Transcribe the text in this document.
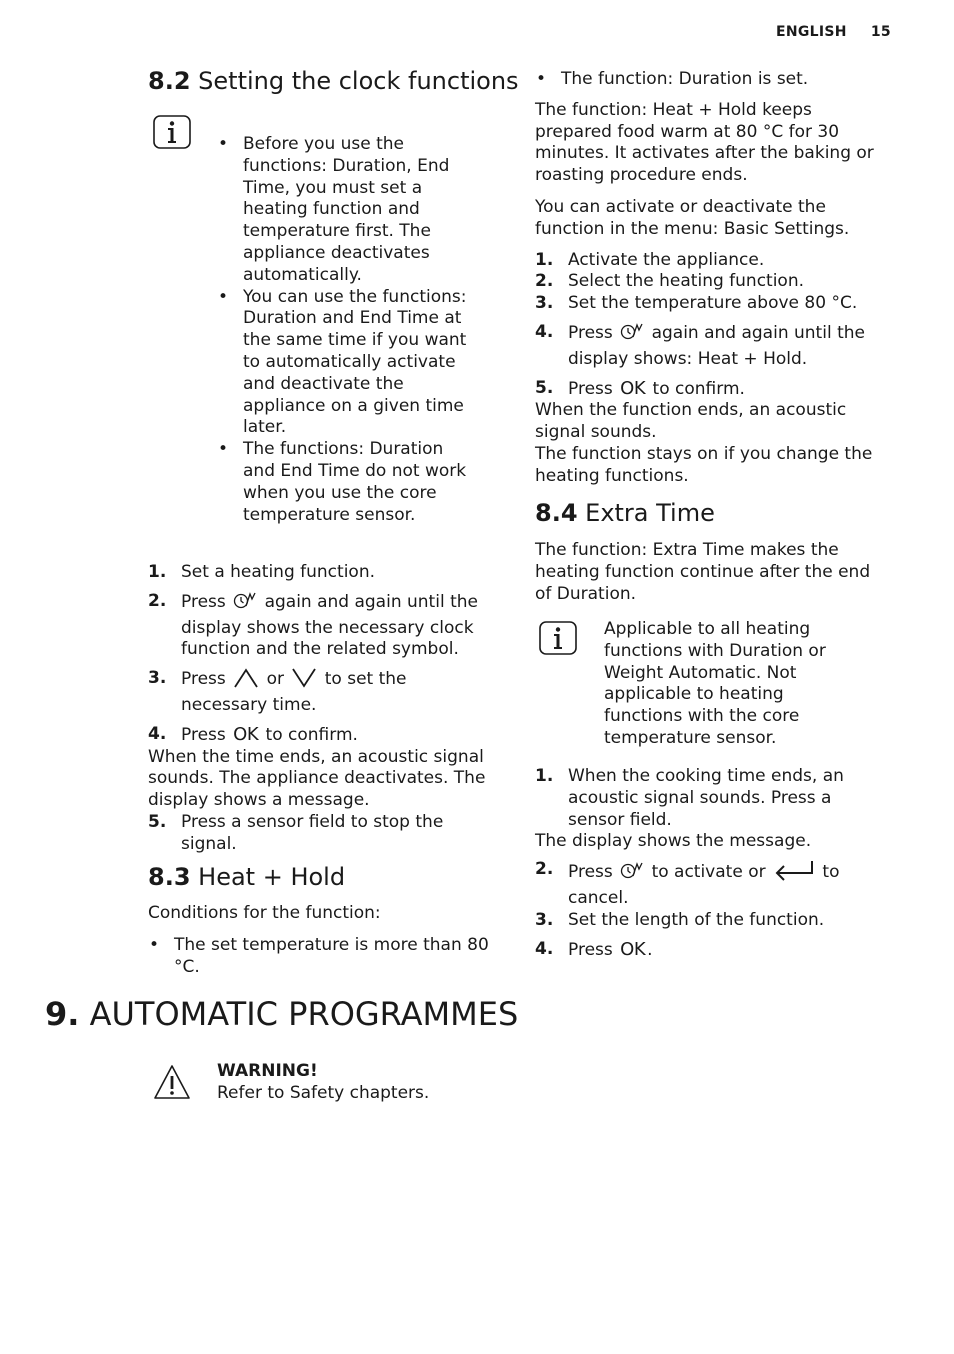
ENGLISH 15
8.2 Setting the clock functions
• Before you use the functions: Duration, End Time, you must set a heating function and temperature first. The appliance deactivates automatically.
• You can use the functions: Duration and End Time at the same time if you want to automatically activate and deactivate the appliance on a given time later.
• The functions: Duration and End Time do not work when you use the core temperature sensor.
1. Set a heating function.
2. Press again and again until the display shows the necessary clock function and the related symbol.
3. Press or to set the necessary time.
4. Press OK to confirm.

When the time ends, an acoustic signal sounds. The appliance deactivates. The display shows a message.

5. Press a sensor field to stop the signal.
8.3 Heat + Hold

Conditions for the function:

• The set temperature is more than 80 °C.
9. AUTOMATIC PROGRAMMES

WARNING!

Refer to Safety chapters.

• The function: Duration is set.

The function: Heat + Hold keeps prepared food warm at 80 °C for 30 minutes. It activates after the baking or roasting procedure ends.

You can activate or deactivate the function in the menu: Basic Settings.

1. Activate the appliance.
2. Select the heating function.
3. Set the temperature above 80 °C.
4. Press again and again until the display shows: Heat + Hold.
5. Press OK to confirm.

When the function ends, an acoustic signal sounds.
The function stays on if you change the heating functions.

8.4 Extra Time

The function: Extra Time makes the heating function continue after the end of Duration.

Applicable to all heating functions with Duration or Weight Automatic. Not applicable to heating functions with the core temperature sensor.

1. When the cooking time ends, an acoustic signal sounds. Press a sensor field.

The display shows the message.

2. Press to activate or	to cancel.
3. Set the length of the function.
4. Press OK .
